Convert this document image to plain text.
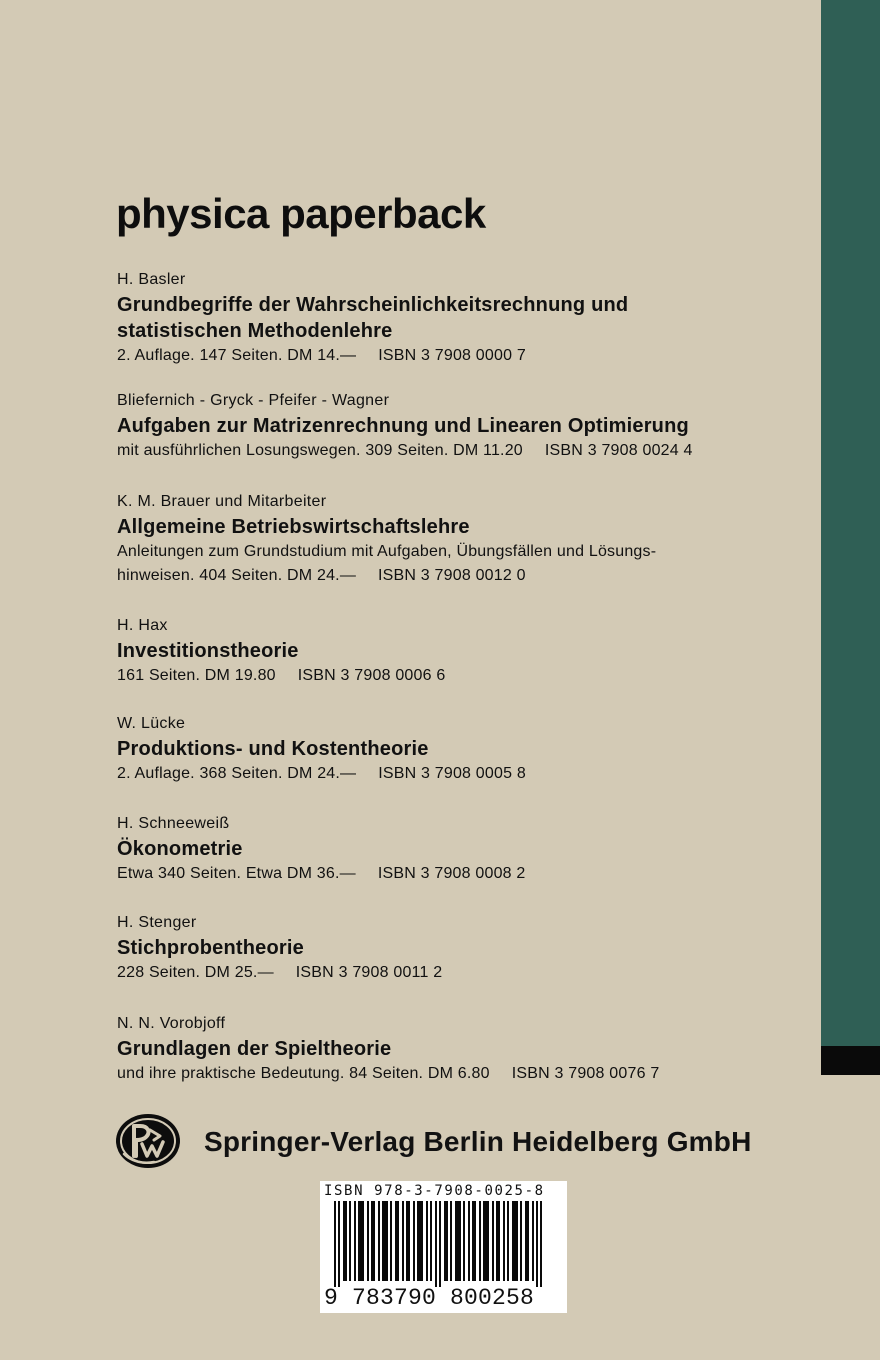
physica paperback
H. Basler
Grundbegriffe der Wahrscheinlichkeitsrechnung und
statistischen Methodenlehre
2. Auflage. 147 Seiten. DM 14.— ISBN 3 7908 0000 7
Bliefernich - Gryck - Pfeifer - Wagner
Aufgaben zur Matrizenrechnung und Linearen Optimierung
mit ausführlichen Losungswegen. 309 Seiten. DM 11.20 ISBN 3 7908 0024 4
K. M. Brauer und Mitarbeiter
Allgemeine Betriebswirtschaftslehre
Anleitungen zum Grundstudium mit Aufgaben, Übungsfällen und Lösungs-
hinweisen. 404 Seiten. DM 24.— ISBN 3 7908 0012 0
H. Hax
Investitionstheorie
161 Seiten. DM 19.80 ISBN 3 7908 0006 6
W. Lücke
Produktions- und Kostentheorie
2. Auflage. 368 Seiten. DM 24.— ISBN 3 7908 0005 8
H. Schneeweiß
Ökonometrie
Etwa 340 Seiten. Etwa DM 36.— ISBN 3 7908 0008 2
H. Stenger
Stichprobentheorie
228 Seiten. DM 25.— ISBN 3 7908 0011 2
N. N. Vorobjoff
Grundlagen der Spieltheorie
und ihre praktische Bedeutung. 84 Seiten. DM 6.80 ISBN 3 7908 0076 7
Springer-Verlag Berlin Heidelberg GmbH
ISBN 978-3-7908-0025-8
9 783790 800258
